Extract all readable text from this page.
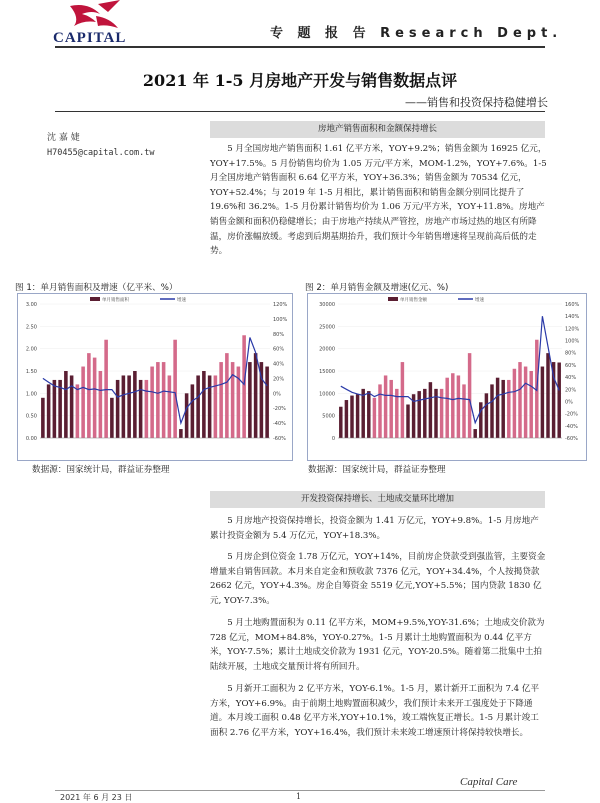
CAPITAL	专 题 报 告 Research Dept.
2021 年 1-5 月房地产开发与销售数据点评
——销售和投资保持稳健增长
沈 嘉 婕
H70455@capital.com.tw
房地产销售面积和金额保持增长

5 月全国房地产销售面积 1.61 亿平方米，YOY+9.2%；销售金额为 16925 亿元，YOY+17.5%。5 月份销售均价为 1.05 万元/平方米，MOM-1.2%，YOY+7.6%。1-5 月全国房地产销售面积 6.64 亿平方米，YOY+36.3%；销售金额为 70534 亿元，YOY+52.4%；与 2019 年 1-5 月相比，累计销售面积和销售金额分别同比提升了 19.6%和 36.2%。1-5 月份累计销售均价为 1.06 万元/平方米，YOY+11.8%。房地产销售金额和面积仍稳健增长；由于房地产持续从严管控，房地产市场过热的地区有所降温，房价涨幅放缓。考虑到后期基期抬升，我们预计今年销售增速将呈现前高后低的走势。

图 1：单月销售面积及增速（亿平米、%）
3.00
2.50
2.00
1.50
1.00
0.50
0.00
120%
100%
80%
60%
40%
20%
0%
-20%
-40%
-60%
单月销售面积	增速
数据源：国家统计局，群益证券整理
图 2：单月销售金额及增速(亿元、%)
30000
25000
20000
15000
10000
5000
0
160%
140%
120%
100%
80%
60%
40%
20%
0%
-20%
-40%
-60%
单月销售金额	增速
数据源：国家统计局，群益证券整理
开发投资保持增长、土地成交量环比增加

5 月房地产投资保持增长，投资金额为 1.41 万亿元，YOY+9.8%。1-5 月房地产累计投资金额为 5.4 万亿元，YOY+18.3%。

5 月房企到位资金 1.78 万亿元，YOY+14%，目前房企贷款受到强监管，主要资金增量来自销售回款。本月来自定金和预收款 7376 亿元，YOY+34.4%，个人按揭贷款 2662 亿元，YOY+4.3%。房企自筹资金 5519 亿元,YOY+5.5%；国内贷款 1830 亿元, YOY-7.3%。

5 月土地购置面积为 0.11 亿平方米，MOM+9.5%,YOY-31.6%；土地成交价款为 728 亿元，MOM+84.8%，YOY-0.27%。1-5 月累计土地购置面积为 0.44 亿平方米，YOY-7.5%；累计土地成交价款为 1931 亿元，YOY-20.5%。随着第二批集中土拍陆续开展，土地成交量预计将有所回升。

5 月新开工面积为 2 亿平方米，YOY-6.1%。1-5 月，累计新开工面积为 7.4 亿平方米，YOY+6.9%。由于前期土地购置面积减少，我们预计未来开工强度处于下降通道。本月竣工面积 0.48 亿平方米,YOY+10.1%，竣工端恢复正增长。1-5 月累计竣工面积 2.76 亿平方米，YOY+16.4%，我们预计未来竣工增速预计将保持较快增长。

Capital Care
2021 年 6 月 23 日	1
